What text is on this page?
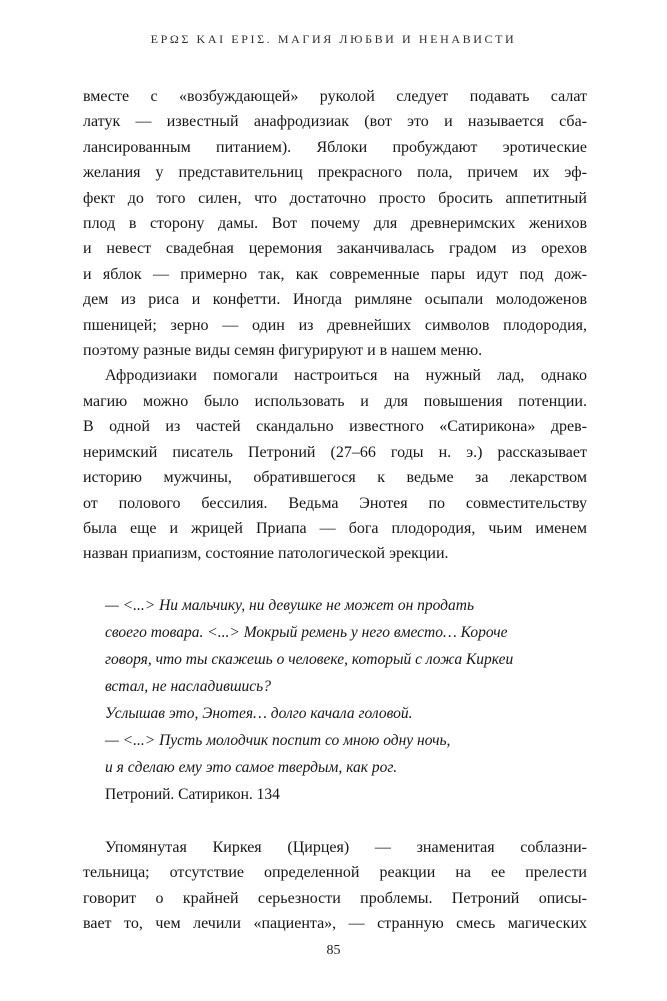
ΕΡΩΣ ΚΑΙ ΕΡΙΣ. МАГИЯ ЛЮБВИ И НЕНАВИСТИ
вместе с «возбуждающей» руколой следует подавать салат
латук — известный анафродизиак (вот это и называется сба-
лансированным питанием). Яблоки пробуждают эротические
желания у представительниц прекрасного пола, причем их эф-
фект до того силен, что достаточно просто бросить аппетитный
плод в сторону дамы. Вот почему для древнеримских женихов
и невест свадебная церемония заканчивалась градом из орехов
и яблок — примерно так, как современные пары идут под дож-
дем из риса и конфетти. Иногда римляне осыпали молодоженов
пшеницей; зерно — один из древнейших символов плодородия,
поэтому разные виды семян фигурируют и в нашем меню.
Афродизиаки помогали настроиться на нужный лад, однако
магию можно было использовать и для повышения потенции.
В одной из частей скандально известного «Сатирикона» древ-
неримский писатель Петроний (27–66 годы н. э.) рассказывает
историю мужчины, обратившегося к ведьме за лекарством
от полового бессилия. Ведьма Энотея по совместительству
была еще и жрицей Приапа — бога плодородия, чьим именем
назван приапизм, состояние патологической эрекции.
— <...> Ни мальчику, ни девушке не может он продать
своего товара. <...> Мокрый ремень у него вместо… Короче
говоря, что ты скажешь о человеке, который с ложа Киркеи
встал, не насладившись?
Услышав это, Энотея… долго качала головой.
— <...> Пусть молодчик поспит со мною одну ночь,
и я сделаю ему это самое твердым, как рог.
Петроний. Сатирикон. 134
Упомянутая Киркея (Цирцея) — знаменитая соблазни-
тельница; отсутствие определенной реакции на ее прелести
говорит о крайней серьезности проблемы. Петроний описы-
вает то, чем лечили «пациента», — странную смесь магических
85
